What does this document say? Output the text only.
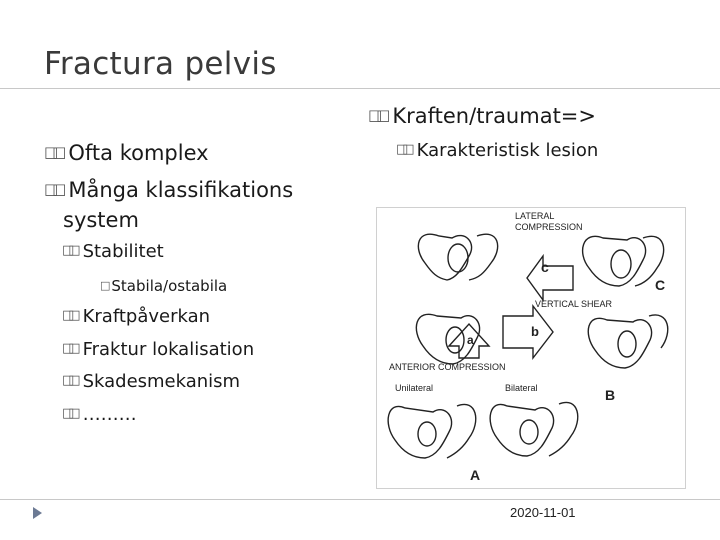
Fractura pelvis
□□ Ofta komplex
□□ Många klassifikations
system
□□ Stabilitet
□ Stabila/ostabila
□□ Kraftpåverkan
□□ Fraktur lokalisation
□□ Skadesmekanism
□□ ………
□□ Kraften/traumat=>
□□ Karakteristisk lesion
LATERAL
COMPRESSION
VERTICAL SHEAR
ANTERIOR COMPRESSION
Unilateral	Bilateral
c
a
b
C
B
A
2020-11-01
